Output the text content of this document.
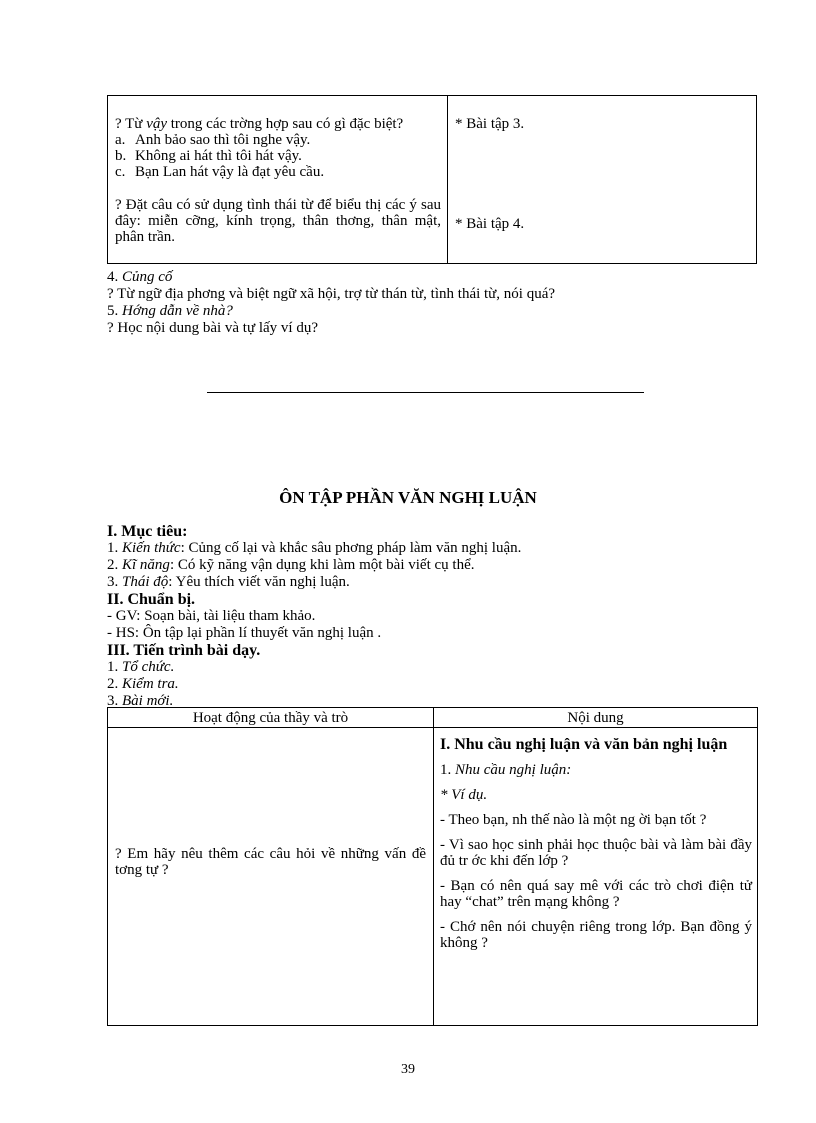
? Từ vậy trong các trờng hợp sau có gì đặc biệt?

a. Anh bảo sao thì tôi nghe vậy.
b. Không ai hát thì tôi hát vậy.
c. Bạn Lan hát vậy là đạt yêu cầu.

? Đặt câu có sử dụng tình thái từ để biểu thị các ý sau đây: miễn cỡng, kính trọng, thân thơng, thân mật, phân trần.

* Bài tập 3.

* Bài tập 4.

4. Củng cố

? Từ ngữ địa phơng và biệt ngữ xã hội, trợ từ thán từ, tình thái từ, nói quá?

5. Hớng dẫn về nhà?

? Học nội dung bài và tự lấy ví dụ?

ÔN TẬP PHẦN VĂN NGHỊ LUẬN

I. Mục tiêu:

1. Kiến thức: Củng cố lại và khắc sâu phơng pháp làm văn nghị luận.

2. Kĩ năng: Có kỹ năng vận dụng khi làm một bài viết cụ thể.

3. Thái độ: Yêu thích viết văn nghị luận.

II. Chuẩn bị.

- GV: Soạn bài, tài liệu tham khảo.

- HS: Ôn tập lại phần lí thuyết văn nghị luận .

III. Tiến trình bài dạy.

1. Tổ chức.

2. Kiểm tra.

3. Bài mới.

Hoạt động của thầy và trò	Nội dung
? Em hãy nêu thêm các câu hỏi về những vấn đề tơng tự ?

I. Nhu cầu nghị luận và văn bản nghị luận

1. Nhu cầu nghị luận:

* Ví dụ.

- Theo bạn, nh thế nào là một ng ời bạn tốt ?

- Vì sao học sinh phải học thuộc bài và làm bài đầy đủ tr ớc khi đến lớp ?

- Bạn có nên quá say mê với các trò chơi điện tử hay “chat” trên mạng không ?

- Chớ nên nói chuyện riêng trong lớp. Bạn đồng ý không ?

39
